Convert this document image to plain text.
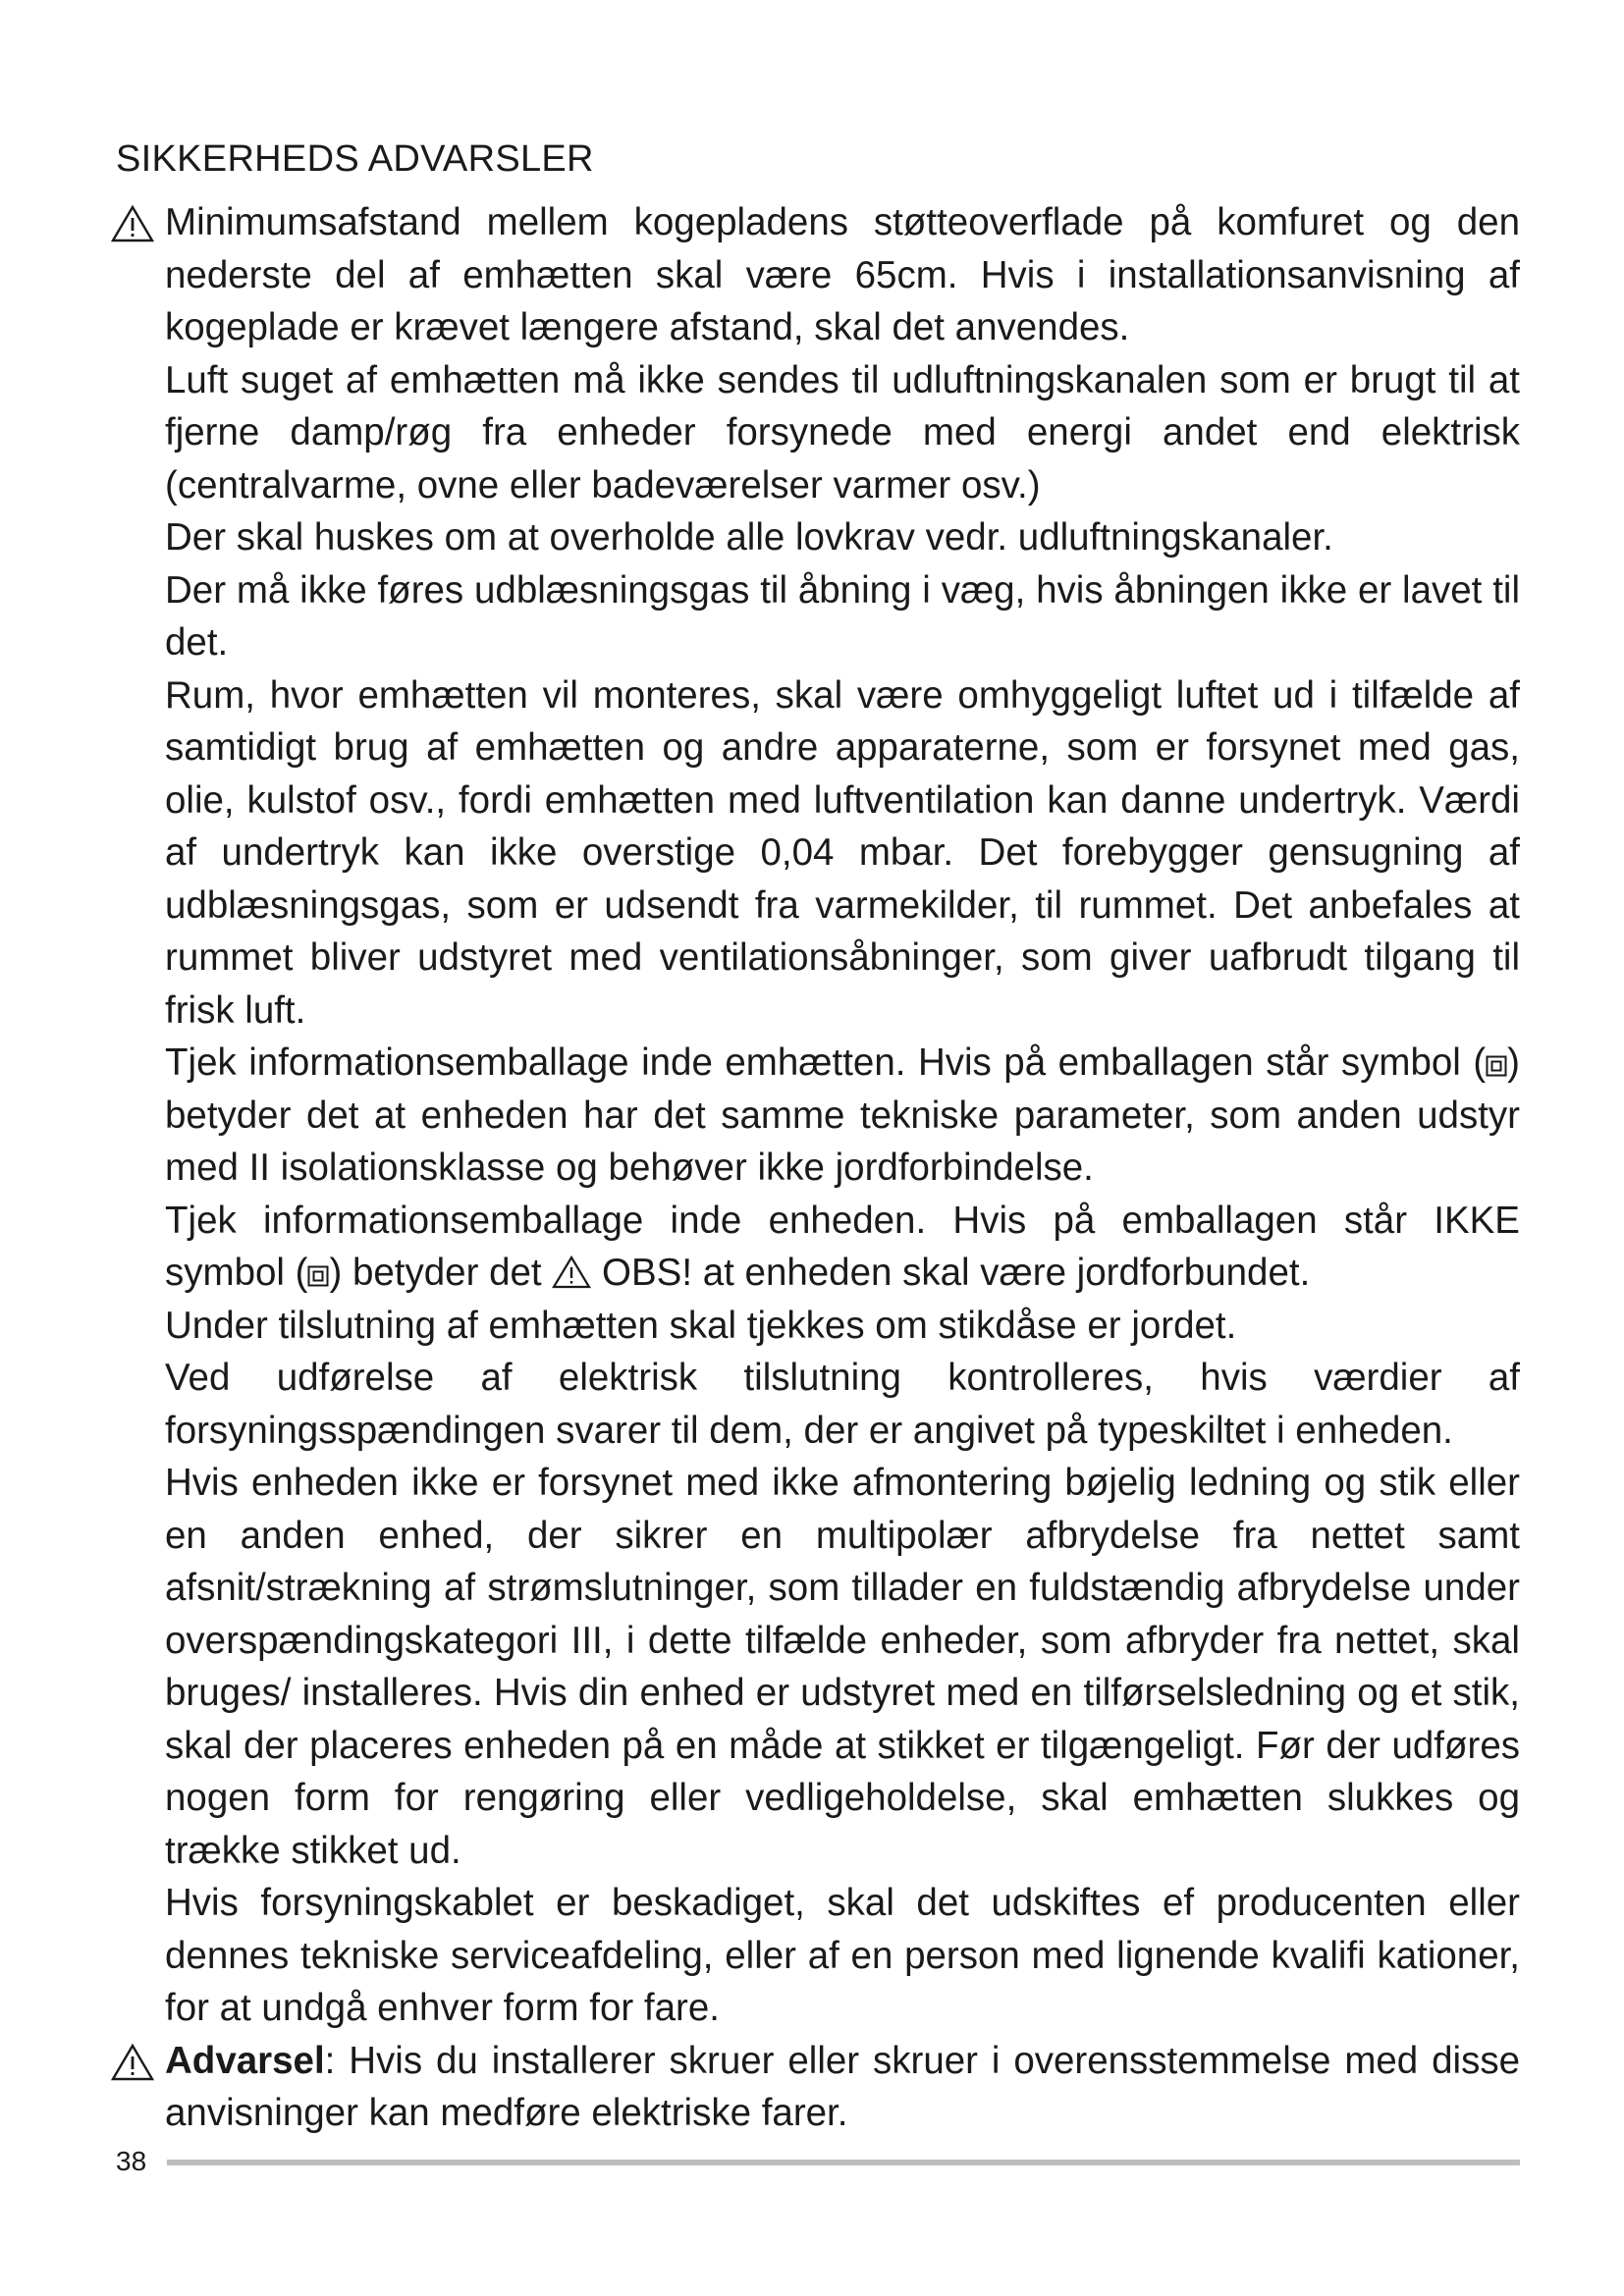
SIKKERHEDS ADVARSLER

Minimumsafstand mellem kogepladens støtteoverflade på komfuret og den nederste del af emhætten skal være 65cm. Hvis i installationsanvisning af kogeplade er krævet længere afstand, skal det anvendes.

Luft suget af emhætten må ikke sendes til udluftningskanalen som er brugt til at fjerne damp/røg fra enheder forsynede med energi andet end elektrisk (centralvarme, ovne eller badeværelser varmer osv.)

Der skal huskes om at overholde alle lovkrav vedr. udluftningskanaler.

Der må ikke føres udblæsningsgas til åbning i væg, hvis åbningen ikke er lavet til det.

Rum, hvor emhætten vil monteres, skal være omhyggeligt luftet ud i tilfælde af samtidigt brug af emhætten og andre apparaterne, som er forsynet med gas, olie, kulstof osv., fordi emhætten med luftventilation kan danne undertryk. Værdi af undertryk kan ikke overstige 0,04 mbar. Det forebygger gensugning af udblæsningsgas, som er udsendt fra varmekilder, til rummet. Det anbefales at rummet bliver udstyret med ventilationsåbninger, som giver uafbrudt tilgang til frisk luft.

Tjek informationsemballage inde emhætten. Hvis på emballagen står symbol ( ) betyder det at enheden har det samme tekniske parameter, som anden udstyr med II isolationsklasse og behøver ikke jordforbindelse.

Tjek informationsemballage inde enheden. Hvis på emballagen står IKKE symbol ( ) betyder det  OBS! at enheden skal være jordforbundet.

Under tilslutning af emhætten skal tjekkes om stikdåse er jordet.

Ved udførelse af elektrisk tilslutning kontrolleres, hvis værdier af forsyningsspændingen svarer til dem, der er angivet på typeskiltet i enheden.

Hvis enheden ikke er forsynet med ikke afmontering bøjelig ledning og stik eller en anden enhed, der sikrer en multipolær afbrydelse fra nettet samt afsnit/strækning af strømslutninger, som tillader en fuldstændig afbrydelse under overspændingskategori III, i dette tilfælde enheder, som afbryder fra nettet, skal bruges/ installeres. Hvis din enhed er udstyret med en tilførselsledning og et stik, skal der placeres enheden på en måde at stikket er tilgængeligt. Før der udføres nogen form for rengøring eller vedligeholdelse, skal emhætten slukkes og trække stikket ud.

Hvis forsyningskablet er beskadiget, skal det udskiftes ef producenten eller dennes tekniske serviceafdeling, eller af en person med lignende kvalifi kationer, for at undgå enhver form for fare.

Advarsel: Hvis du installerer skruer eller skruer i overensstemmelse med disse anvisninger kan medføre elektriske farer.

38
